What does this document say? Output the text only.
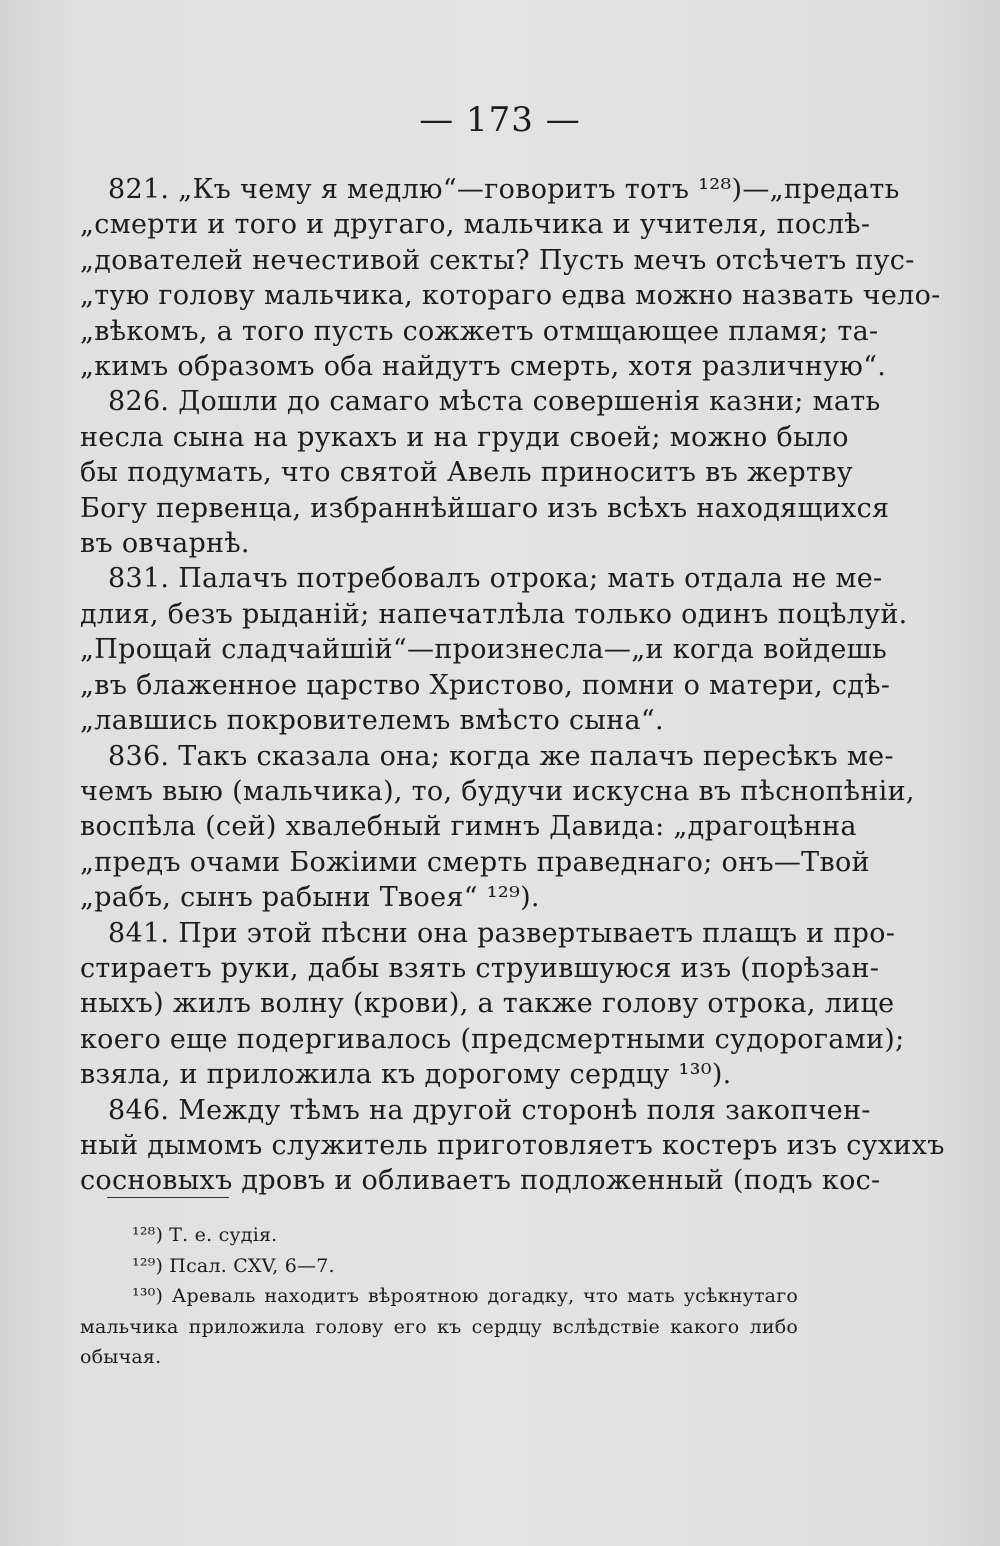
— 173 —
821. „Къ чему я медлю“—говоритъ тотъ ¹²⁸)—„предать
„смерти и того и другаго, мальчика и учителя, послѣ-
„дователей нечестивой секты? Пусть мечъ отсѣчетъ пус-
„тую голову мальчика, котораго едва можно назвать чело-
„вѣкомъ, а того пусть сожжетъ отмщающее пламя; та-
„кимъ образомъ оба найдутъ смерть, хотя различную“.
826. Дошли до самаго мѣста совершенія казни; мать
несла сына на рукахъ и на груди своей; можно было
бы подумать, что святой Авель приноситъ въ жертву
Богу первенца, избраннѣйшаго изъ всѣхъ находящихся
въ овчарнѣ.
831. Палачъ потребовалъ отрока; мать отдала не ме-
длия, безъ рыданій; напечатлѣла только одинъ поцѣлуй.
„Прощай сладчайшій“—произнесла—„и когда войдешь
„въ блаженное царство Христово, помни о матери, сдѣ-
„лавшись покровителемъ вмѣсто сына“.
836. Такъ сказала она; когда же палачъ пересѣкъ ме-
чемъ выю (мальчика), то, будучи искусна въ пѣснопѣніи,
воспѣла (сей) хвалебный гимнъ Давида: „драгоцѣнна
„предъ очами Божіими смерть праведнаго; онъ—Твой
„рабъ, сынъ рабыни Твоея“ ¹²⁹).
841. При этой пѣсни она развертываетъ плащъ и про-
стираетъ руки, дабы взять струившуюся изъ (порѣзан-
ныхъ) жилъ волну (крови), а также голову отрока, лице
коего еще подергивалось (предсмертными судорогами);
взяла, и приложила къ дорогому сердцу ¹³⁰).
846. Между тѣмъ на другой сторонѣ поля закопчен-
ный дымомъ служитель приготовляетъ костеръ изъ сухихъ
сосновыхъ дровъ и обливаетъ подложенный (подъ кос-
¹²⁸) Т. е. судія.
¹²⁹) Псал. CXV, 6—7.
¹³⁰) Ареваль находитъ вѣроятною догадку, что мать усѣкнутаго
мальчика приложила голову его къ сердцу вслѣдствіе какого либо
обычая.
